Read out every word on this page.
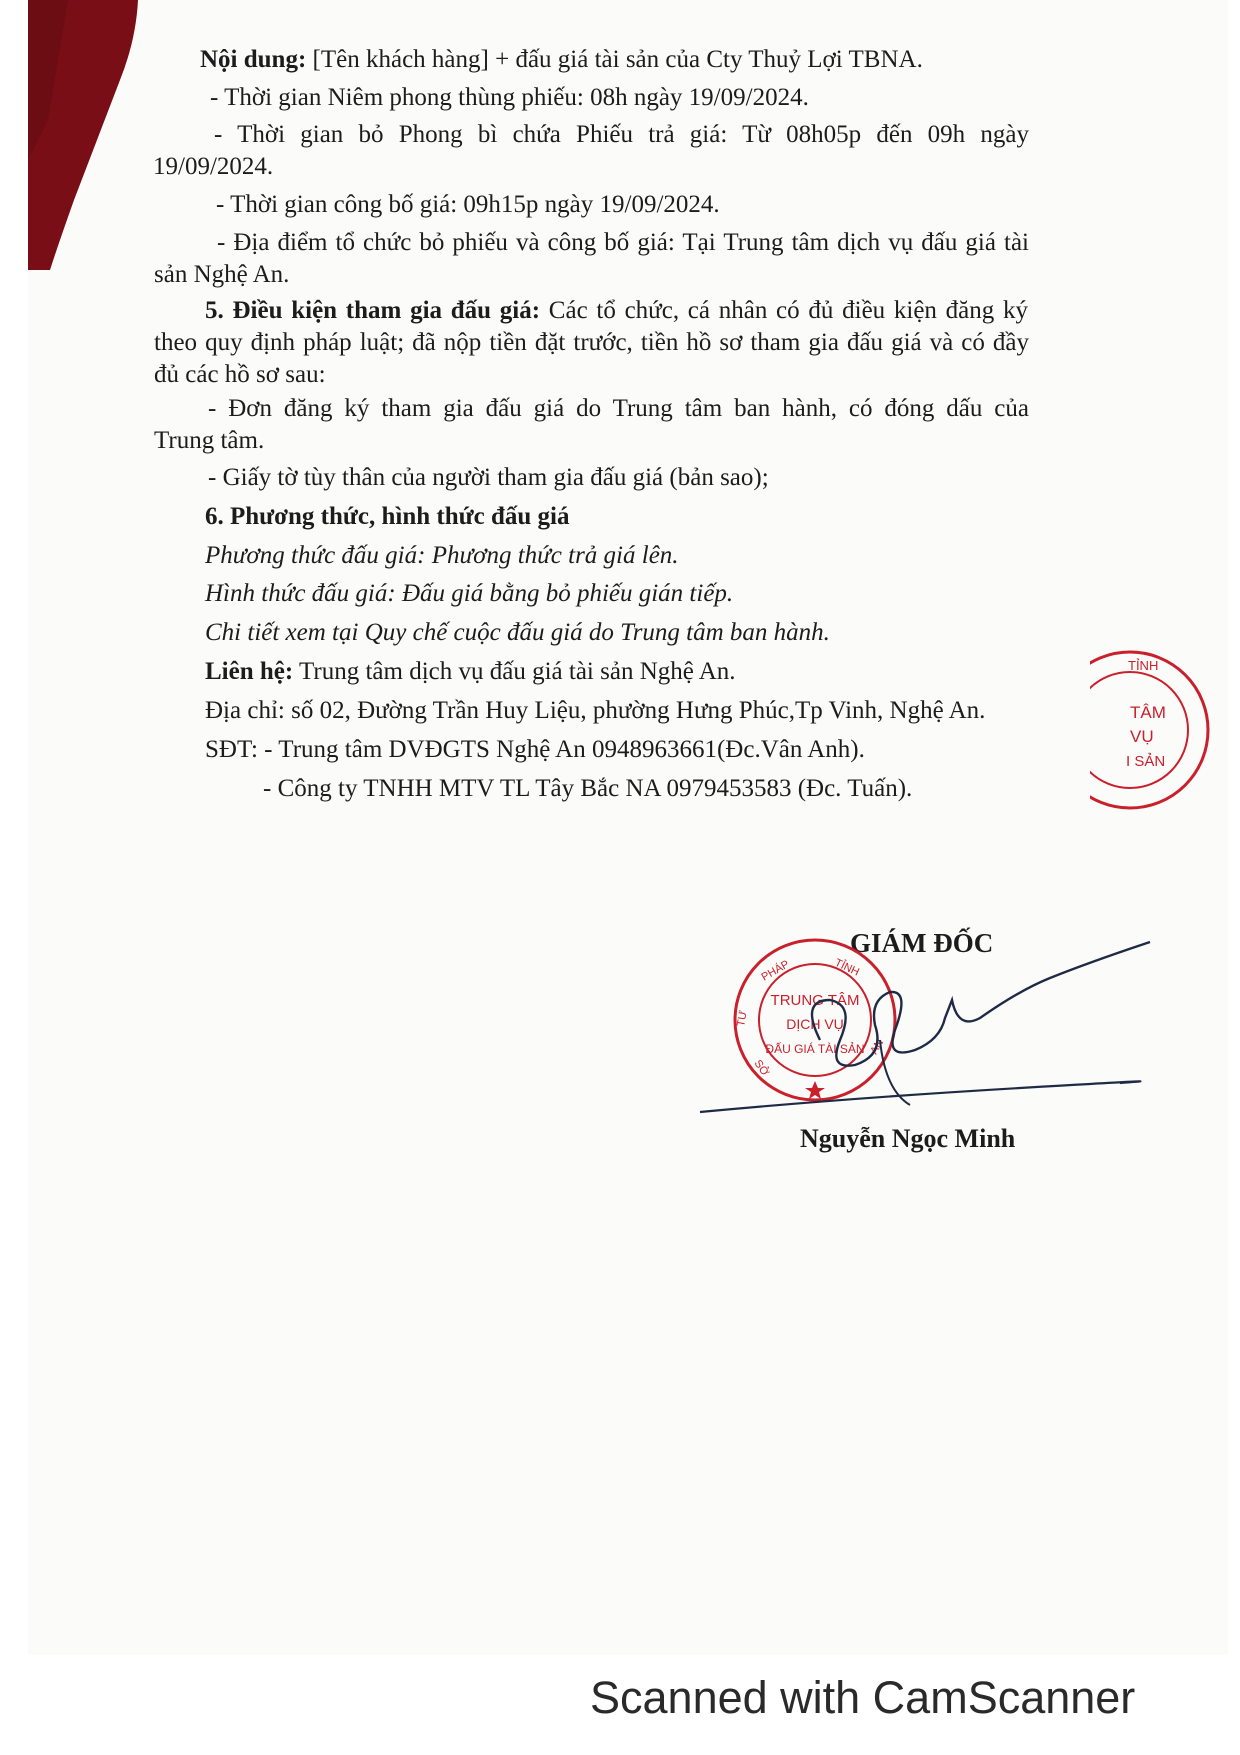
Nội dung: [Tên khách hàng] + đấu giá tài sản của Cty Thuỷ Lợi TBNA.
- Thời gian Niêm phong thùng phiếu: 08h ngày 19/09/2024.
- Thời gian bỏ Phong bì chứa Phiếu trả giá: Từ 08h05p đến 09h ngày
19/09/2024.
- Thời gian công bố giá: 09h15p ngày 19/09/2024.
- Địa điểm tổ chức bỏ phiếu và công bố giá: Tại Trung tâm dịch vụ đấu giá tài
sản Nghệ An.
5. Điều kiện tham gia đấu giá: Các tổ chức, cá nhân có đủ điều kiện đăng ký
theo quy định pháp luật; đã nộp tiền đặt trước, tiền hồ sơ tham gia đấu giá và có đầy
đủ các hồ sơ sau:
- Đơn đăng ký tham gia đấu giá do Trung tâm ban hành, có đóng dấu của
Trung tâm.
- Giấy tờ tùy thân của người tham gia đấu giá (bản sao);
6. Phương thức, hình thức đấu giá
Phương thức đấu giá: Phương thức trả giá lên.
Hình thức đấu giá: Đấu giá bằng bỏ phiếu gián tiếp.
Chi tiết xem tại Quy chế cuộc đấu giá do Trung tâm ban hành.
Liên hệ: Trung tâm dịch vụ đấu giá tài sản Nghệ An.
Địa chỉ: số 02, Đường Trần Huy Liệu, phường Hưng Phúc,Tp Vinh, Nghệ An.
SĐT: - Trung tâm DVĐGTS Nghệ An 0948963661(Đc.Vân Anh).
- Công ty TNHH MTV TL Tây Bắc NA 0979453583 (Đc. Tuấn).
TỈNH
TÂM
VỤ
I SẢN
GIÁM ĐỐC
PHÁP	TỈNH
TƯ
SỞ
AN
TRUNG TÂM
DỊCH VỤ
ĐẤU GIÁ TÀI SẢN
Nguyễn Ngọc Minh
Scanned with CamScanner
